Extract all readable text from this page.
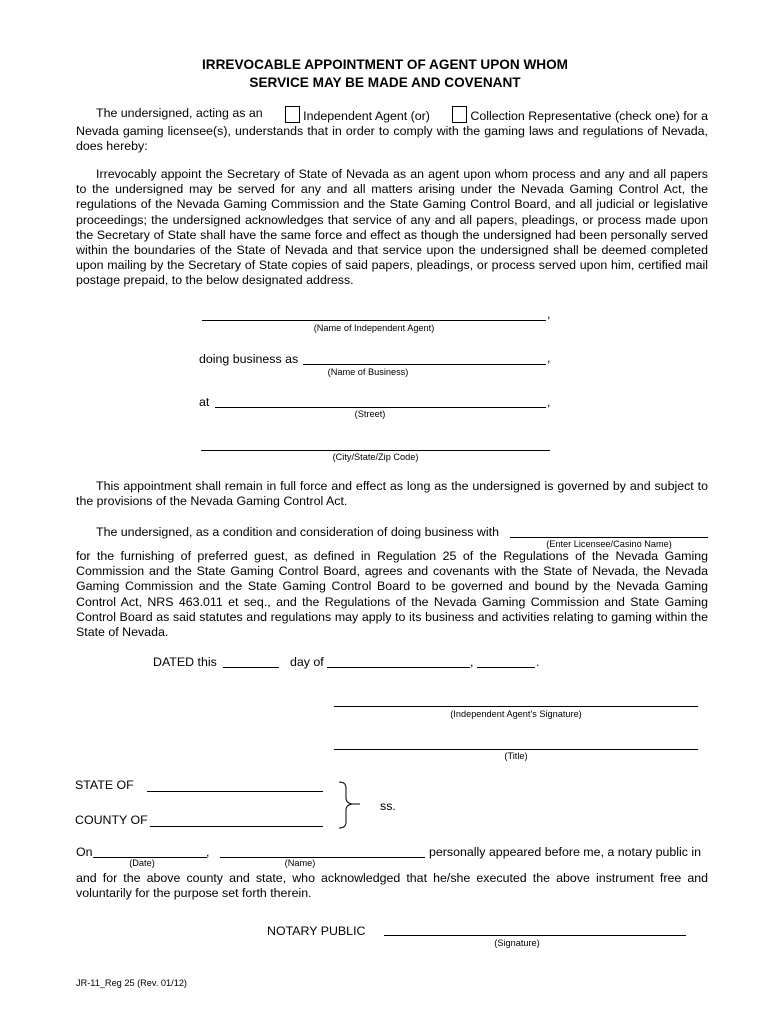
IRREVOCABLE APPOINTMENT OF AGENT UPON WHOM
SERVICE MAY BE MADE AND COVENANT
The undersigned, acting as an	Independent Agent (or)	Collection Representative (check one) for a
Nevada gaming licensee(s), understands that in order to comply with the gaming laws and regulations of Nevada, does hereby:
Irrevocably appoint the Secretary of State of Nevada as an agent upon whom process and any and all papers to the undersigned may be served for any and all matters arising under the Nevada Gaming Control Act, the regulations of the Nevada Gaming Commission and the State Gaming Control Board, and all judicial or legislative proceedings; the undersigned acknowledges that service of any and all papers, pleadings, or process made upon the Secretary of State shall have the same force and effect as though the undersigned had been personally served within the boundaries of the State of Nevada and that service upon the undersigned shall be deemed completed upon mailing by the Secretary of State copies of said papers, pleadings, or process served upon him, certified mail postage prepaid, to the below designated address.
,
(Name of Independent Agent)
doing business as	,
(Name of Business)
at	,
(Street)
(City/State/Zip Code)
This appointment shall remain in full force and effect as long as the undersigned is governed by and subject to the provisions of the Nevada Gaming Control Act.
The undersigned, as a condition and consideration of doing business with
(Enter Licensee/Casino Name)
for the furnishing of preferred guest, as defined in Regulation 25 of the Regulations of the Nevada Gaming Commission and the State Gaming Control Board, agrees and covenants with the State of Nevada, the Nevada Gaming Commission and the State Gaming Control Board to be governed and bound by the Nevada Gaming Control Act, NRS 463.011 et seq., and the Regulations of the Nevada Gaming Commission and State Gaming Control Board as said statutes and regulations may apply to its business and activities relating to gaming within the State of Nevada.
DATED this	day of	,	.
(Independent Agent's Signature)
(Title)
STATE OF
COUNTY OF
ss.
On	,	personally appeared before me, a notary public in
(Date)	(Name)
and for the above county and state, who acknowledged that he/she executed the above instrument free and voluntarily for the purpose set forth therein.
NOTARY PUBLIC
(Signature)
JR-11_Reg 25 (Rev. 01/12)
